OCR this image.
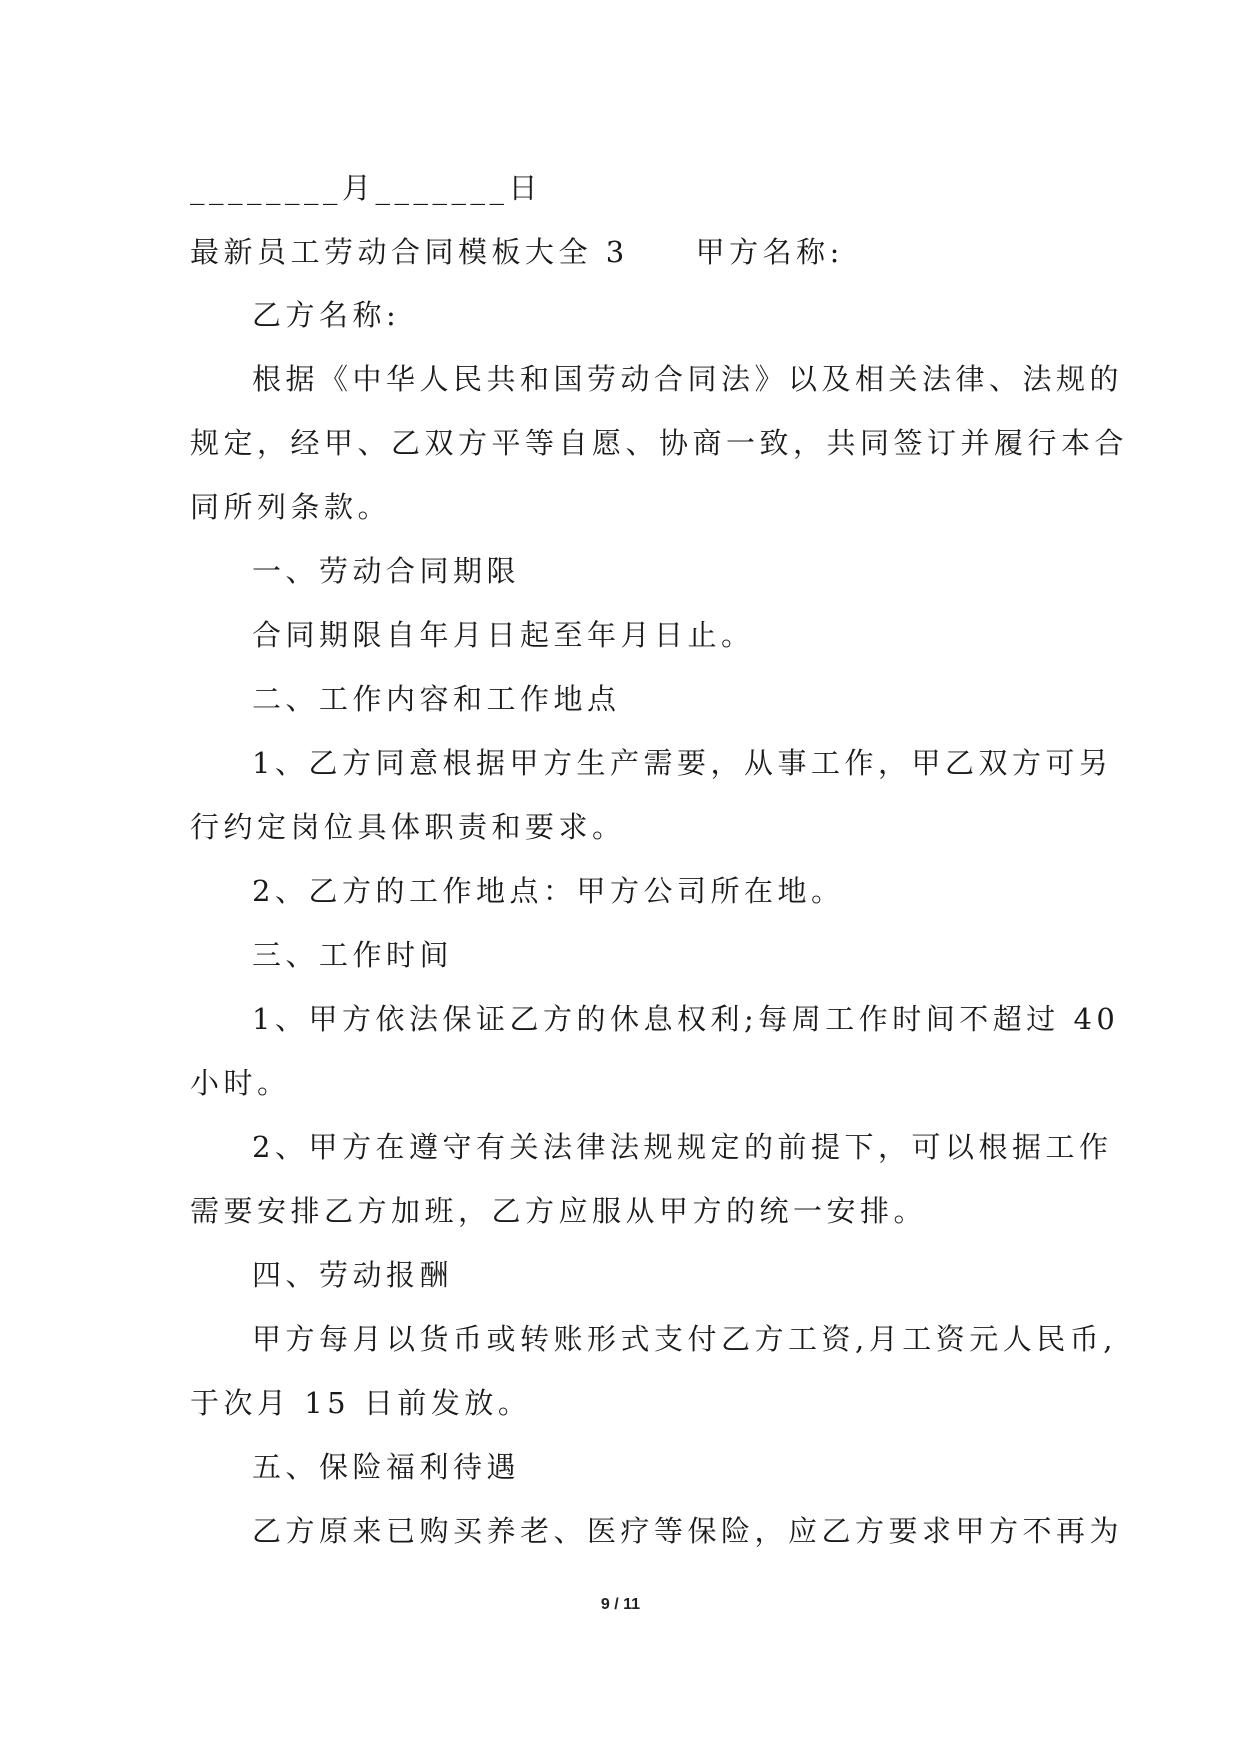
________月_______日
最新员工劳动合同模板大全 3　　甲方名称:
乙方名称:
根据《中华人民共和国劳动合同法》以及相关法律、法规的
规定，经甲、乙双方平等自愿、协商一致，共同签订并履行本合
同所列条款。
一、劳动合同期限
合同期限自年月日起至年月日止。
二、工作内容和工作地点
1、乙方同意根据甲方生产需要，从事工作，甲乙双方可另
行约定岗位具体职责和要求。
2、乙方的工作地点：甲方公司所在地。
三、工作时间
1、甲方依法保证乙方的休息权利;每周工作时间不超过 40
小时。
2、甲方在遵守有关法律法规规定的前提下，可以根据工作
需要安排乙方加班，乙方应服从甲方的统一安排。
四、劳动报酬
甲方每月以货币或转账形式支付乙方工资,月工资元人民币,
于次月 15 日前发放。
五、保险福利待遇
乙方原来已购买养老、医疗等保险，应乙方要求甲方不再为
9 / 11
